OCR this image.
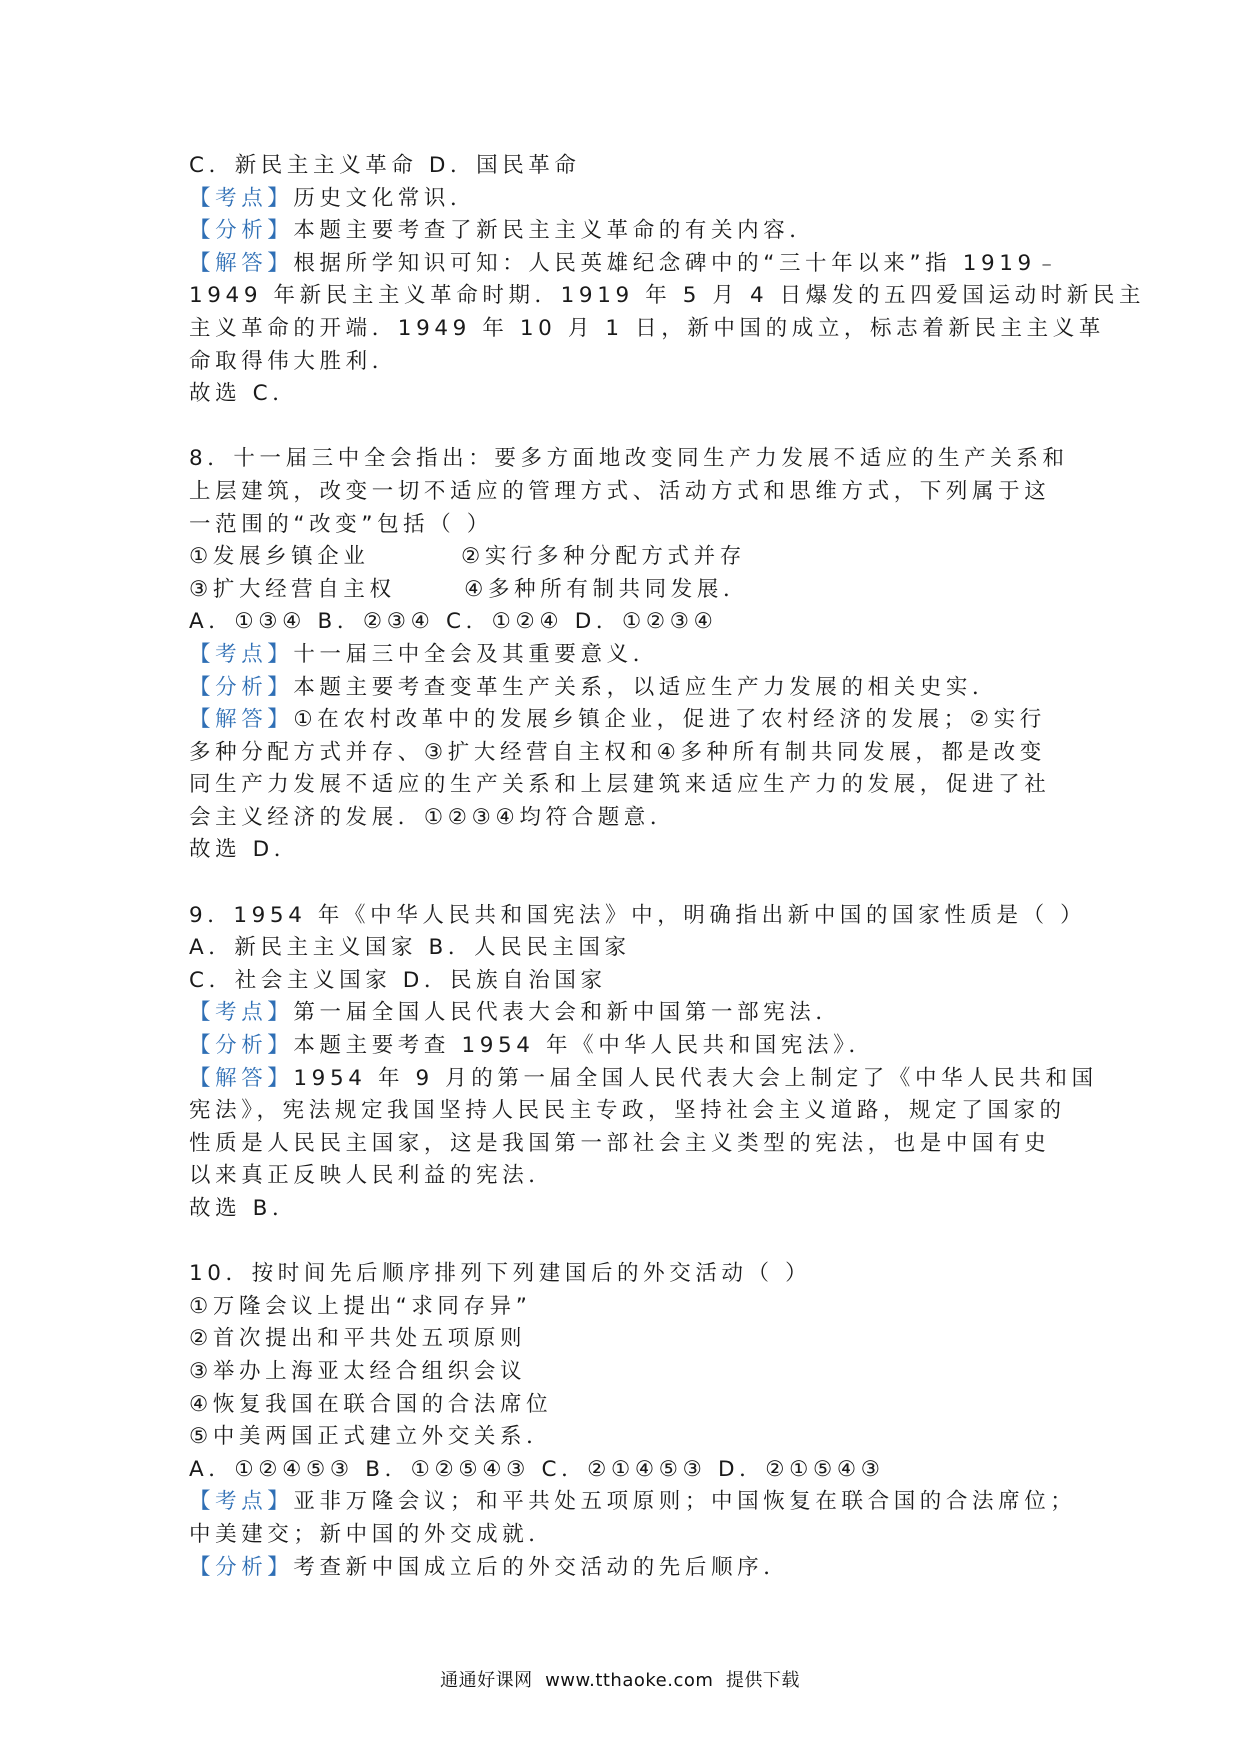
C．新民主主义革命 D．国民革命
【考点】历史文化常识．
【分析】本题主要考查了新民主主义革命的有关内容．
【解答】根据所学知识可知：人民英雄纪念碑中的“三十年以来”指 1919﹣
1949 年新民主主义革命时期．1919 年 5 月 4 日爆发的五四爱国运动时新民主
主义革命的开端．1949 年 10 月 1 日，新中国的成立，标志着新民主主义革
命取得伟大胜利．
故选 C．
8．十一届三中全会指出：要多方面地改变同生产力发展不适应的生产关系和
上层建筑，改变一切不适应的管理方式、活动方式和思维方式，下列属于这
一范围的“改变”包括（ ）
①发展乡镇企业        ②实行多种分配方式并存
③扩大经营自主权      ④多种所有制共同发展．
A．①③④ B．②③④ C．①②④ D．①②③④
【考点】十一届三中全会及其重要意义．
【分析】本题主要考查变革生产关系，以适应生产力发展的相关史实．
【解答】①在农村改革中的发展乡镇企业，促进了农村经济的发展；②实行
多种分配方式并存、③扩大经营自主权和④多种所有制共同发展，都是改变
同生产力发展不适应的生产关系和上层建筑来适应生产力的发展，促进了社
会主义经济的发展．①②③④均符合题意．
故选 D．
9．1954 年《中华人民共和国宪法》中，明确指出新中国的国家性质是（ ）
A．新民主主义国家 B．人民民主国家
C．社会主义国家 D．民族自治国家
【考点】第一届全国人民代表大会和新中国第一部宪法．
【分析】本题主要考查 1954 年《中华人民共和国宪法》．
【解答】1954 年 9 月的第一届全国人民代表大会上制定了《中华人民共和国
宪法》，宪法规定我国坚持人民民主专政，坚持社会主义道路，规定了国家的
性质是人民民主国家，这是我国第一部社会主义类型的宪法，也是中国有史
以来真正反映人民利益的宪法．
故选 B．
10．按时间先后顺序排列下列建国后的外交活动（ ）
①万隆会议上提出“求同存异”
②首次提出和平共处五项原则
③举办上海亚太经合组织会议
④恢复我国在联合国的合法席位
⑤中美两国正式建立外交关系．
A．①②④⑤③ B．①②⑤④③ C．②①④⑤③ D．②①⑤④③
【考点】亚非万隆会议；和平共处五项原则；中国恢复在联合国的合法席位；
中美建交；新中国的外交成就．
【分析】考查新中国成立后的外交活动的先后顺序．
通通好课网  www.tthaoke.com  提供下载
